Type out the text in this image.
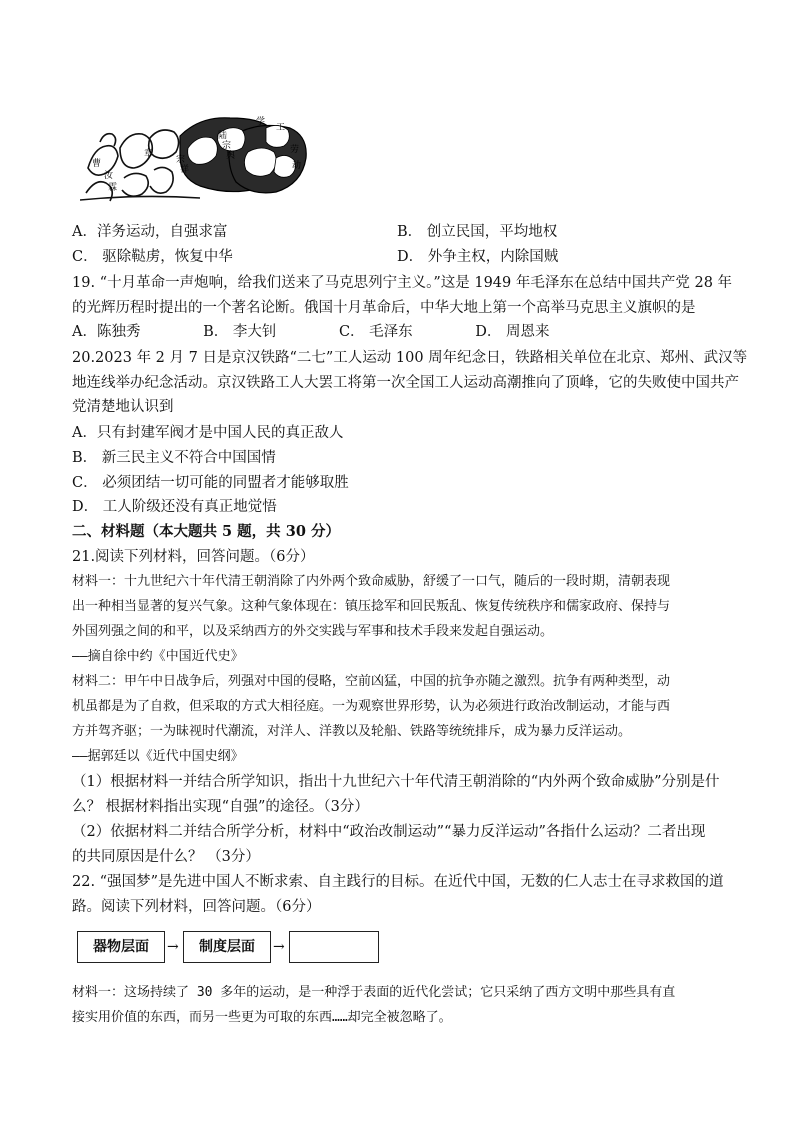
曹
汝
霖
章
宗
祥
陆
宗
舆
学
工
劳
动
A．洋务运动，自强求富	B． 创立民国，平均地权
C． 驱除鞑虏，恢复中华	D． 外争主权，内除国贼
19. “十月革命一声炮响，给我们送来了马克思列宁主义。”这是 1949 年毛泽东在总结中国共产党 28 年
的光辉历程时提出的一个著名论断。俄国十月革命后，中华大地上第一个高举马克思主义旗帜的是
A．陈独秀　　　　 B． 李大钊　　　　 C． 毛泽东　　　　 D． 周恩来
20.2023 年 2 月 7 日是京汉铁路“二七”工人运动 100 周年纪念日，铁路相关单位在北京、郑州、武汉等
地连线举办纪念活动。京汉铁路工人大罢工将第一次全国工人运动高潮推向了顶峰，它的失败使中国共产
党清楚地认识到
A．只有封建军阀才是中国人民的真正敌人
B． 新三民主义不符合中国国情
C． 必须团结一切可能的同盟者才能够取胜
D． 工人阶级还没有真正地觉悟
二、材料题（本大题共 5 题，共 30 分）
21.阅读下列材料，回答问题。（6分）
材料一：十九世纪六十年代清王朝消除了内外两个致命威胁，舒缓了一口气，随后的一段时期，清朝表现
出一种相当显著的复兴气象。这种气象体现在：镇压捻军和回民叛乱、恢复传统秩序和儒家政府、保持与
外国列强之间的和平，以及采纳西方的外交实践与军事和技术手段来发起自强运动。
——摘自徐中约《中国近代史》
材料二：甲午中日战争后，列强对中国的侵略，空前凶猛，中国的抗争亦随之激烈。抗争有两种类型，动
机虽都是为了自救，但采取的方式大相径庭。一为观察世界形势，认为必须进行政治改制运动，才能与西
方并驾齐驱；一为昧视时代潮流，对洋人、洋教以及轮船、铁路等统统排斥，成为暴力反洋运动。
——据郭廷以《近代中国史纲》
（1）根据材料一并结合所学知识，指出十九世纪六十年代清王朝消除的“内外两个致命威胁”分别是什
么？ 根据材料指出实现“自强”的途径。（3分）
（2）依据材料二并结合所学分析，材料中“政治改制运动”“暴力反洋运动”各指什么运动？二者出现
的共同原因是什么？ （3分）
22. “强国梦”是先进中国人不断求索、自主践行的目标。在近代中国，无数的仁人志士在寻求救国的道
路。阅读下列材料，回答问题。（6分）
器物层面	→	制度层面	→
材料一：这场持续了 30 多年的运动，是一种浮于表面的近代化尝试；它只采纳了西方文明中那些具有直
接实用价值的东西，而另一些更为可取的东西……却完全被忽略了。
